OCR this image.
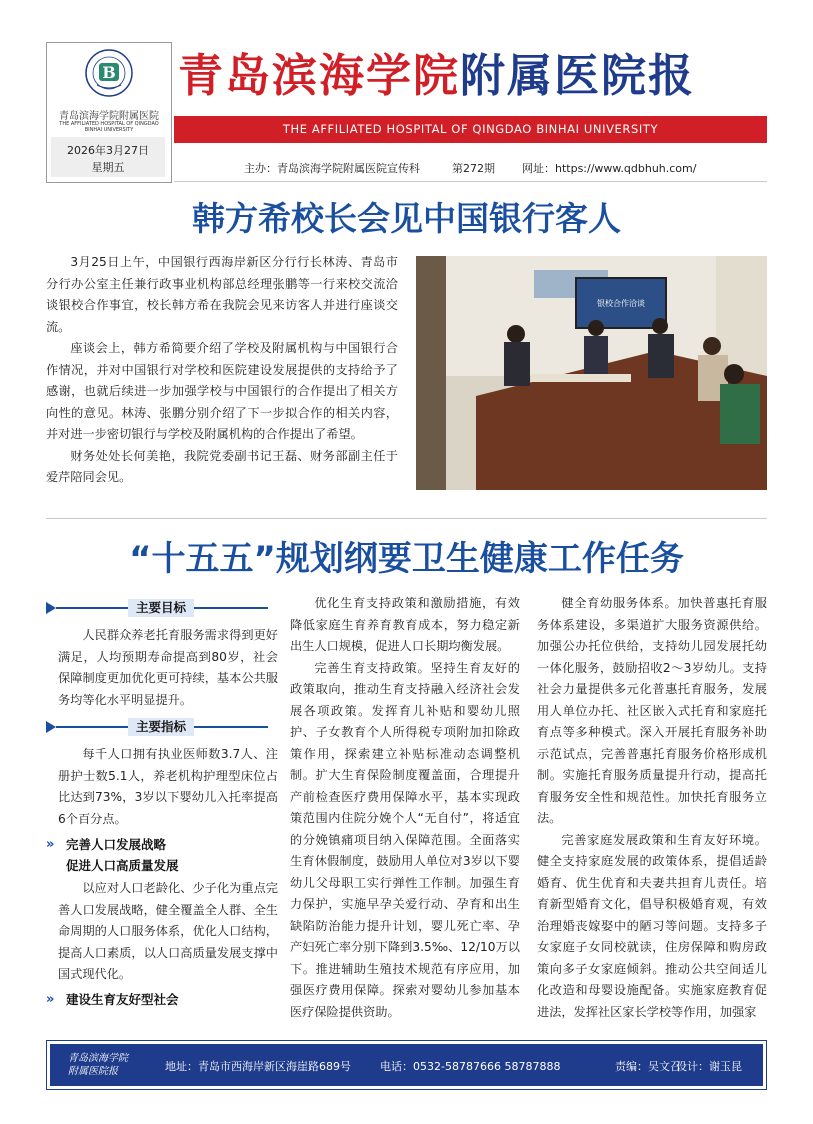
B
青岛滨海学院附属医院
THE AFFILIATED HOSPITAL OF QINGDAO BINHAI UNIVERSITY
2026年3月27日
星期五
青岛滨海学院附属医院报
THE AFFILIATED HOSPITAL OF QINGDAO BINHAI UNIVERSITY
主办：青岛滨海学院附属医院宣传科	第272期 网址：https://www.qdbhuh.com/
韩方希校长会见中国银行客人

3月25日上午，中国银行西海岸新区分行行长林涛、青岛市分行办公室主任兼行政事业机构部总经理张鹏等一行来校交流洽谈银校合作事宜，校长韩方希在我院会见来访客人并进行座谈交流。

座谈会上，韩方希简要介绍了学校及附属机构与中国银行合作情况，并对中国银行对学校和医院建设发展提供的支持给予了感谢，也就后续进一步加强学校与中国银行的合作提出了相关方向性的意见。林涛、张鹏分别介绍了下一步拟合作的相关内容，并对进一步密切银行与学校及附属机构的合作提出了希望。

财务处处长何美艳，我院党委副书记王磊、财务部副主任于爱芹陪同会见。

银校合作洽谈
“十五五”规划纲要卫生健康工作任务
主要目标

人民群众养老托育服务需求得到更好满足，人均预期寿命提高到80岁，社会保障制度更加优化更可持续，基本公共服务均等化水平明显提升。

主要指标

每千人口拥有执业医师数3.7人、注册护士数5.1人，养老机构护理型床位占比达到73%，3岁以下婴幼儿入托率提高6个百分点。

» 完善人口发展战略
促进人口高质量发展

以应对人口老龄化、少子化为重点完善人口发展战略，健全覆盖全人群、全生命周期的人口服务体系，优化人口结构，提高人口素质，以人口高质量发展支撑中国式现代化。

» 建设生育友好型社会

优化生育支持政策和激励措施，有效降低家庭生育养育教育成本，努力稳定新出生人口规模，促进人口长期均衡发展。

完善生育支持政策。坚持生育友好的政策取向，推动生育支持融入经济社会发展各项政策。发挥育儿补贴和婴幼儿照护、子女教育个人所得税专项附加扣除政策作用，探索建立补贴标准动态调整机制。扩大生育保险制度覆盖面，合理提升产前检查医疗费用保障水平，基本实现政策范围内住院分娩个人“无自付”，将适宜的分娩镇痛项目纳入保障范围。全面落实生育休假制度，鼓励用人单位对3岁以下婴幼儿父母职工实行弹性工作制。加强生育力保护，实施早孕关爱行动、孕育和出生缺陷防治能力提升计划，婴儿死亡率、孕产妇死亡率分别下降到3.5‰、12/10万以下。推进辅助生殖技术规范有序应用，加强医疗费用保障。探索对婴幼儿参加基本医疗保险提供资助。

健全育幼服务体系。加快普惠托育服务体系建设，多渠道扩大服务资源供给。加强公办托位供给，支持幼儿园发展托幼一体化服务，鼓励招收2～3岁幼儿。支持社会力量提供多元化普惠托育服务，发展用人单位办托、社区嵌入式托育和家庭托育点等多种模式。深入开展托育服务补助示范试点，完善普惠托育服务价格形成机制。实施托育服务质量提升行动，提高托育服务安全性和规范性。加快托育服务立法。

完善家庭发展政策和生育友好环境。健全支持家庭发展的政策体系，提倡适龄婚育、优生优育和夫妻共担育儿责任。培育新型婚育文化，倡导积极婚育观，有效治理婚丧嫁娶中的陋习等问题。支持多子女家庭子女同校就读，住房保障和购房政策向多子女家庭倾斜。推动公共空间适儿化改造和母婴设施配备。实施家庭教育促进法，发挥社区家长学校等作用，加强家

青岛滨海学院
附属医院报	地址：青岛市西海岸新区海崖路689号	电话：0532-58787666 58787888	责编：吴文召
设计：谢玉昆
